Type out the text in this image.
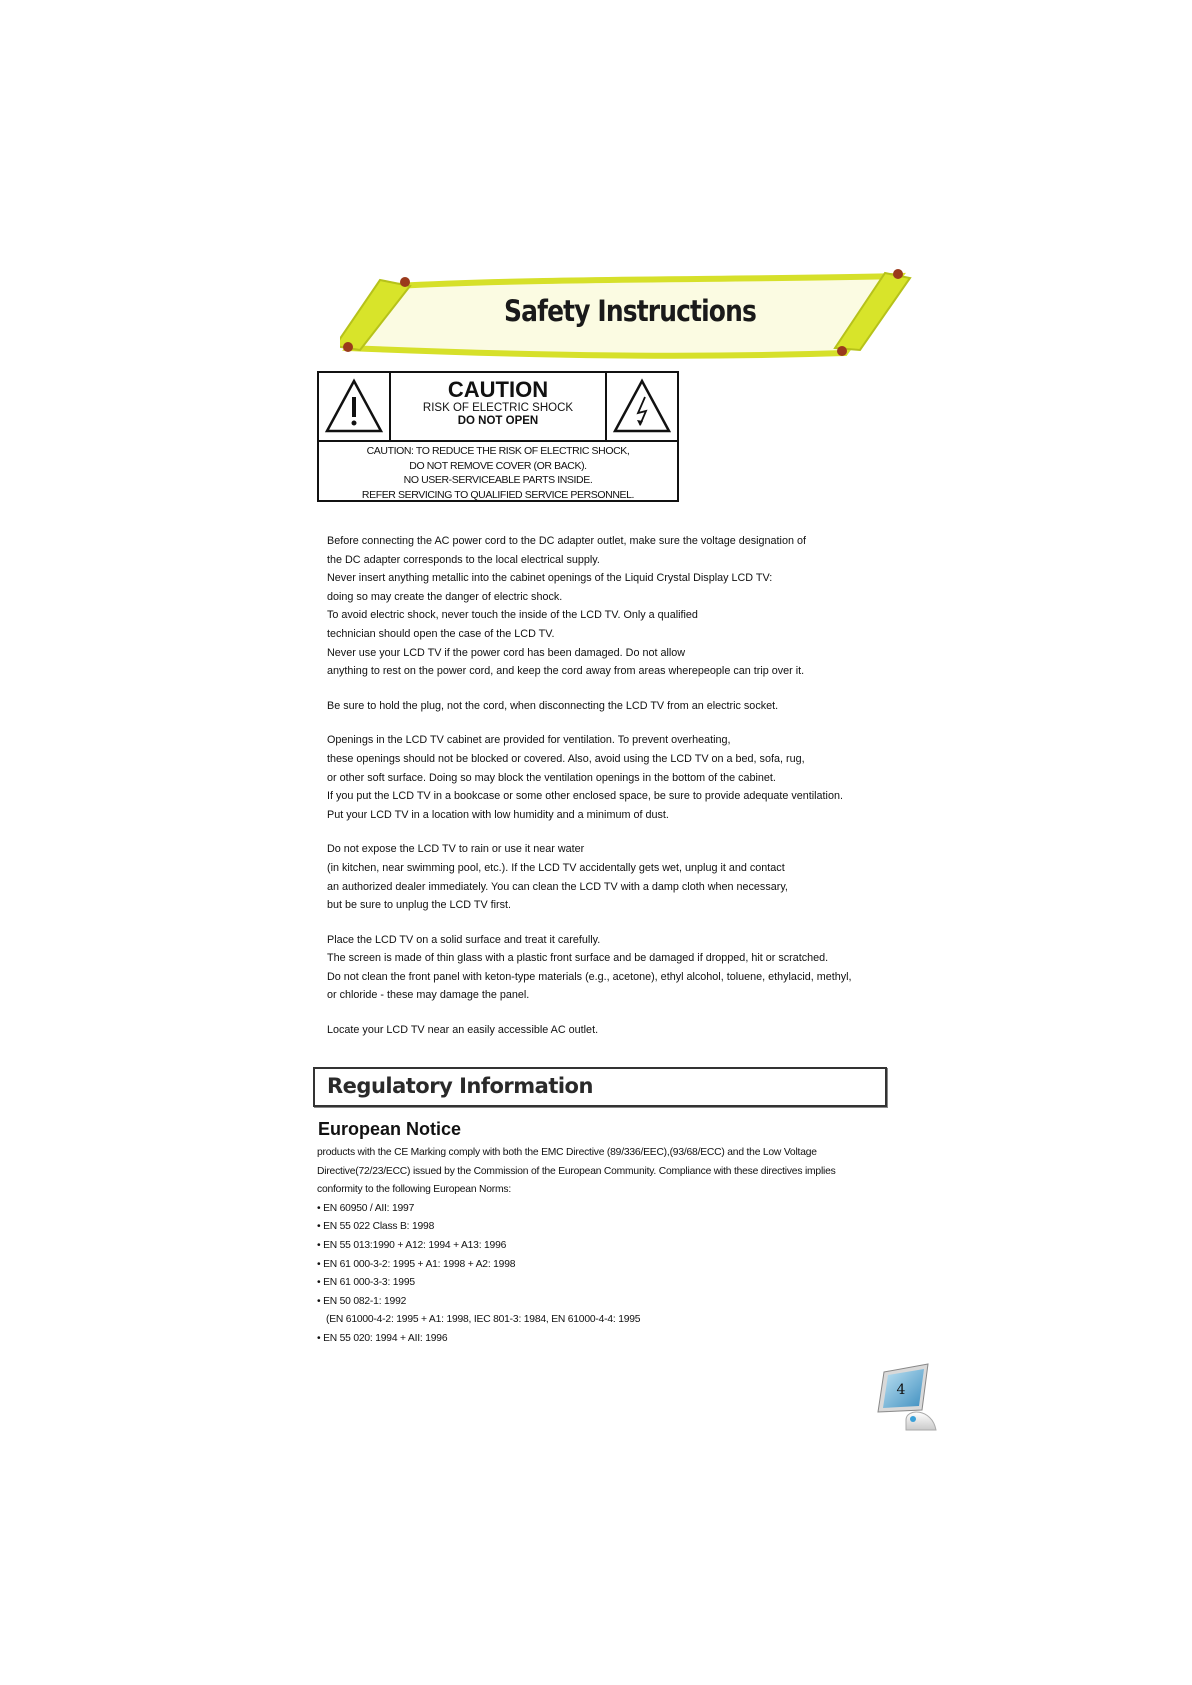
Safety Instructions
CAUTION
RISK OF ELECTRIC SHOCK
DO NOT OPEN
CAUTION: TO REDUCE THE RISK OF ELECTRIC SHOCK,
DO NOT REMOVE COVER (OR BACK).
NO USER-SERVICEABLE PARTS INSIDE.
REFER SERVICING TO QUALIFIED SERVICE PERSONNEL.
Before connecting the AC power cord to the DC adapter outlet, make sure the voltage designation of
the DC adapter corresponds to the local electrical supply.
Never insert anything metallic into the cabinet openings of the Liquid Crystal Display LCD TV:
doing so may create the danger of electric shock.
To avoid electric shock, never touch the inside of the LCD TV. Only a qualified
technician should open the case of the LCD TV.
Never use your LCD TV if the power cord has been damaged. Do not allow
anything to rest on the power cord, and keep the cord away from areas wherepeople can trip over it.
Be sure to hold the plug, not the cord, when disconnecting the LCD TV from an electric socket.
Openings in the LCD TV cabinet are provided for ventilation. To prevent overheating,
these openings should not be blocked or covered. Also, avoid using the LCD TV on a bed, sofa, rug,
or other soft surface. Doing so may block the ventilation openings in the bottom of the cabinet.
If you put the LCD TV in a bookcase or some other enclosed space, be sure to provide adequate ventilation.
Put your LCD TV in a location with low humidity and a minimum of dust.
Do not expose the LCD TV to rain or use it near water
(in kitchen, near swimming pool, etc.). If the LCD TV accidentally gets wet, unplug it and contact
an authorized dealer immediately. You can clean the LCD TV with a damp cloth when necessary,
but be sure to unplug the LCD TV first.
Place the LCD TV on a solid surface and treat it carefully.
The screen is made of thin glass with a plastic front surface and be damaged if dropped, hit or scratched.
Do not clean the front panel with keton-type materials (e.g., acetone), ethyl alcohol, toluene, ethylacid, methyl,
or chloride - these may damage the panel.
Locate your LCD TV near an easily accessible AC outlet.
Regulatory Information
European Notice
products with the CE Marking comply with both the EMC Directive (89/336/EEC),(93/68/ECC) and the Low Voltage
Directive(72/23/ECC) issued by the Commission of the European Community. Compliance with these directives implies
conformity to the following European Norms:
• EN 60950 / AII: 1997
• EN 55 022 Class B: 1998
• EN 55 013:1990 + A12: 1994 + A13: 1996
• EN 61 000-3-2: 1995 + A1: 1998 + A2: 1998
• EN 61 000-3-3: 1995
• EN 50 082-1: 1992
(EN 61000-4-2: 1995 + A1: 1998, IEC 801-3: 1984, EN 61000-4-4: 1995
• EN 55 020: 1994 + AII: 1996
4
